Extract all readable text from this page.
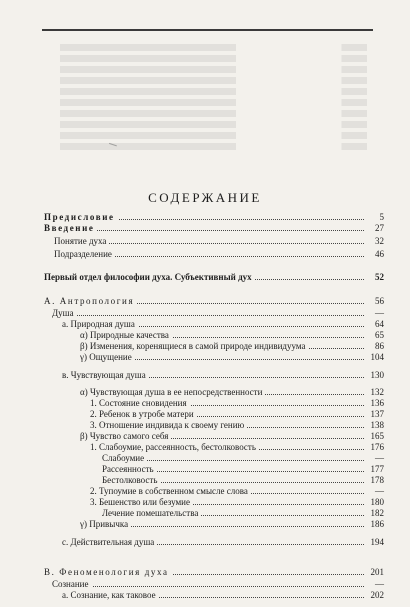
СОДЕРЖАНИЕ
Предисловие	5
Введение	27
Понятие духа	32
Подразделение	46
Первый отдел философии духа. Субъективный дух	52
А. Антропология	56
Душа	—
а. Природная душа	64
α) Природные качества	65
β) Изменения, коренящиеся в самой природе индивидуума	86
γ) Ощущение	104
в. Чувствующая душа	130
α) Чувствующая душа в ее непосредственности	132
1. Состояние сновидения	136
2. Ребенок в утробе матери	137
3. Отношение индивида к своему гению	138
β) Чувство самого себя	165
1. Слабоумие, рассеянность, бестолковость	176
Слабоумие	—
Рассеянность	177
Бестолковость	178
2. Тупоумие в собственном смысле слова	—
3. Бешенство или безумие	180
Лечение помешательства	182
γ) Привычка	186
с. Действительная душа	194
В. Феноменология духа	201
Сознание	—
а. Сознание, как таковое	202
